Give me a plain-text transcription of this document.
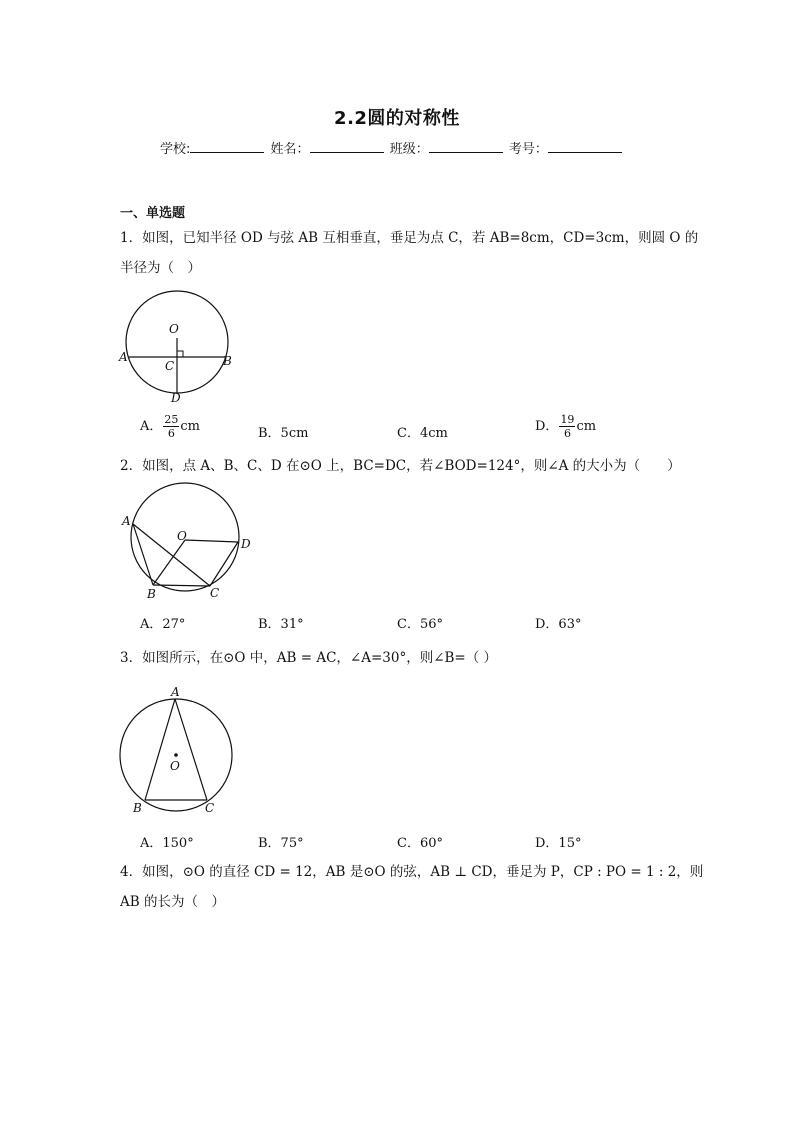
2.2圆的对称性
学校:	姓名：	班级：	考号：
一、单选题
1．如图，已知半径 OD 与弦 AB 互相垂直，垂足为点 C，若 AB=8cm，CD=3cm，则圆 O 的
半径为（　）
O
A	B
C
D
A． $\frac{25}{6}$ cm	B．5cm	C．4cm	D． $\frac{19}{6}$ cm
2．如图，点 A、B、C、D 在⊙O 上，BC=DC，若∠BOD=124°，则∠A 的大小为（　　）
A
O
D
B	C
A．27°	B．31°	C．56°	D．63°
3．如图所示，在⊙O 中，AB = AC，∠A=30°，则∠B=（ ）
A
O
B	C
A．150°	B．75°	C．60°	D．15°
4．如图，⊙O 的直径 CD = 12，AB 是⊙O 的弦，AB ⊥ CD，垂足为 P，CP : PO = 1 : 2，则
AB 的长为（　）
